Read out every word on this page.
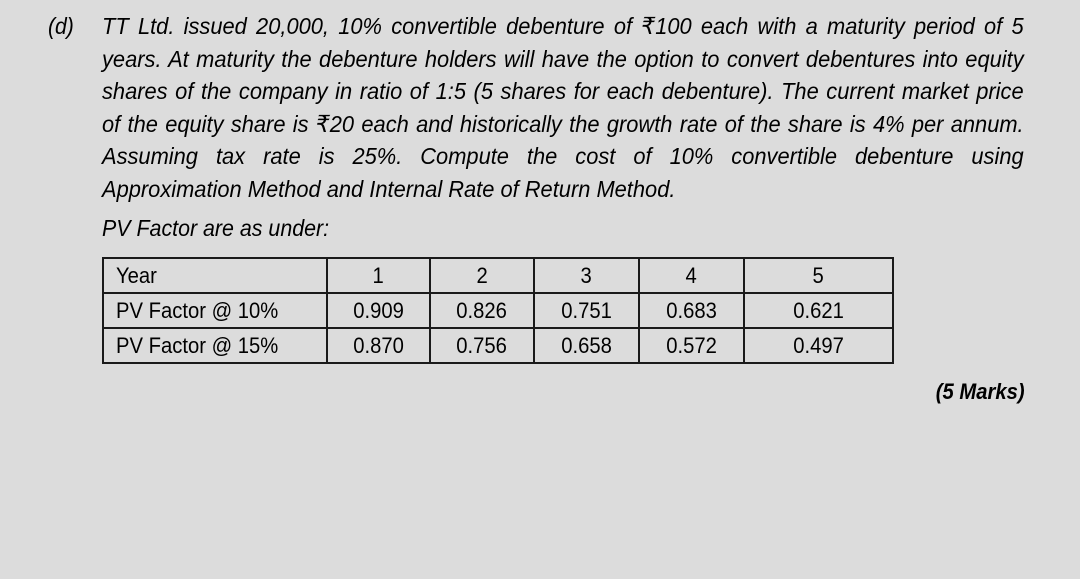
(d) TT Ltd. issued 20,000, 10% convertible debenture of ₹100 each with a maturity period of 5 years. At maturity the debenture holders will have the option to convert debentures into equity shares of the company in ratio of 1:5 (5 shares for each debenture). The current market price of the equity share is ₹20 each and historically the growth rate of the share is 4% per annum. Assuming tax rate is 25%. Compute the cost of 10% convertible debenture using Approximation Method and Internal Rate of Return Method.
PV Factor are as under:
Year	1	2	3	4	5
PV Factor @ 10%	0.909	0.826	0.751	0.683	0.621
PV Factor @ 15%	0.870	0.756	0.658	0.572	0.497
(5 Marks)
